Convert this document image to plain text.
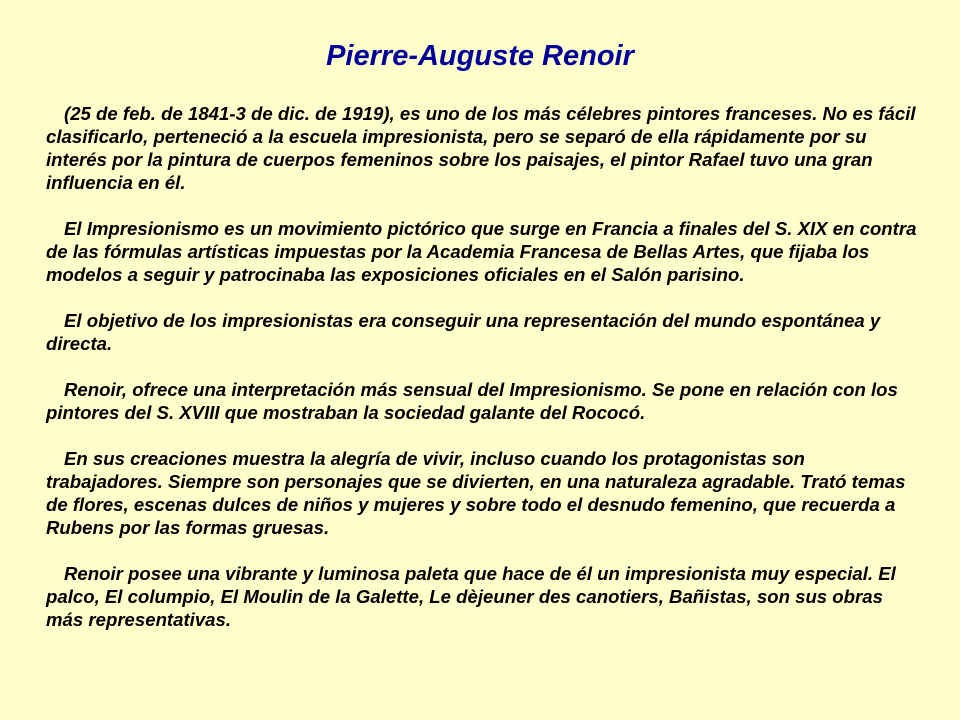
Pierre-Auguste Renoir

(25 de feb. de 1841-3 de dic. de 1919), es uno de los más célebres pintores franceses. No es fácil clasificarlo, perteneció a la escuela impresionista, pero se separó de ella rápidamente por su interés por la pintura de cuerpos femeninos sobre los paisajes, el pintor Rafael tuvo una gran influencia en él.

El Impresionismo es un movimiento pictórico que surge en Francia a finales del S. XIX en contra de las fórmulas artísticas impuestas por la Academia Francesa de Bellas Artes, que fijaba los modelos a seguir y patrocinaba las exposiciones oficiales en el Salón parisino.

El objetivo de los impresionistas era conseguir una representación del mundo espontánea y directa.

Renoir, ofrece una interpretación más sensual del Impresionismo. Se pone en relación con los pintores del S. XVIII que mostraban la sociedad galante del Rococó.

En sus creaciones muestra la alegría de vivir, incluso cuando los protagonistas son trabajadores. Siempre son personajes que se divierten, en una naturaleza agradable. Trató temas de flores, escenas dulces de niños y mujeres y sobre todo el desnudo femenino, que recuerda a Rubens por las formas gruesas.

Renoir posee una vibrante y luminosa paleta que hace de él un impresionista muy especial. El palco, El columpio, El Moulin de la Galette, Le dèjeuner des canotiers, Bañistas, son sus obras más representativas.
